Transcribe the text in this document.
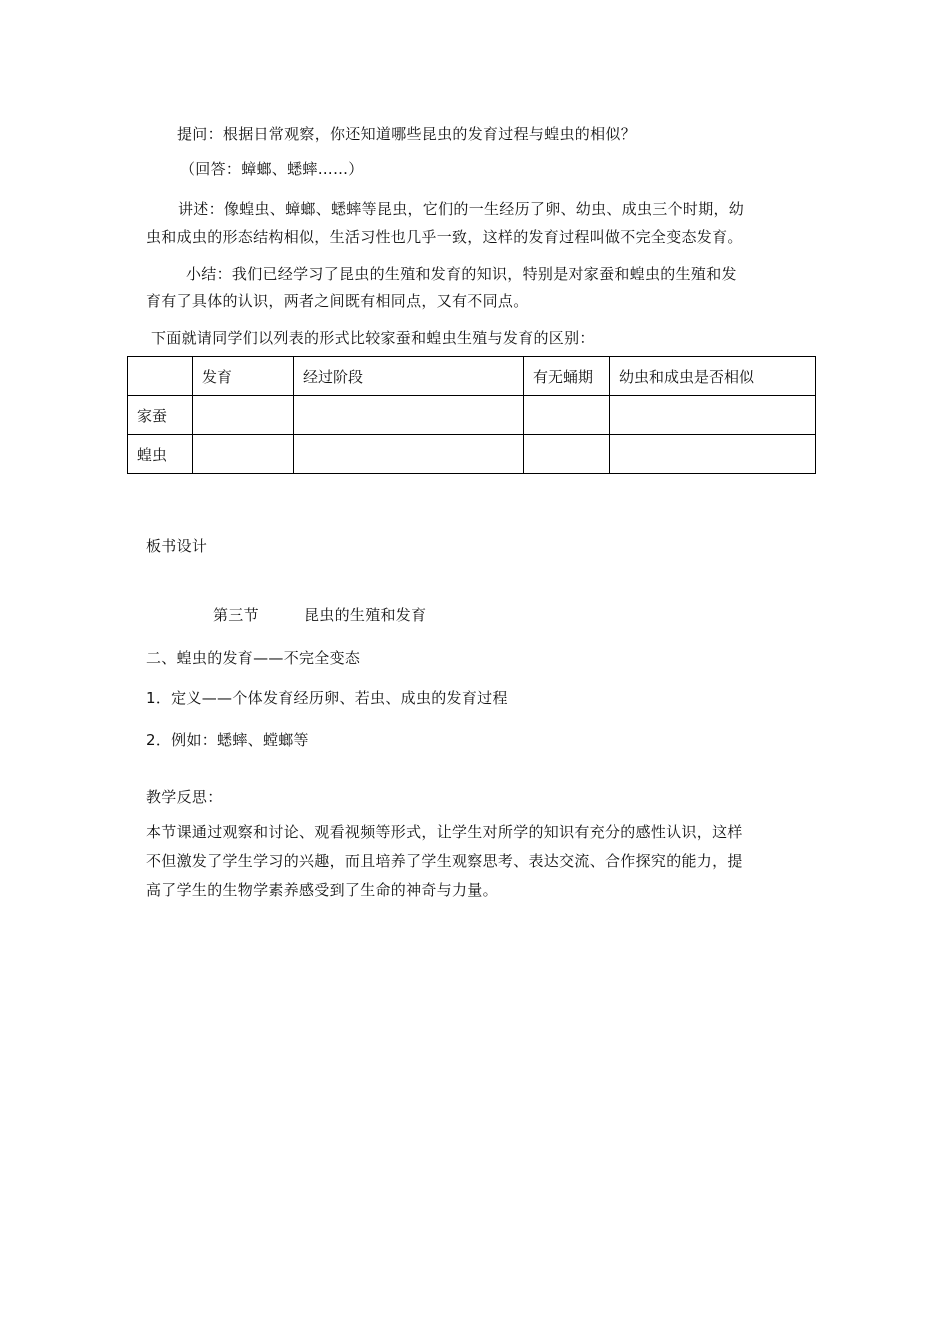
提问：根据日常观察，你还知道哪些昆虫的发育过程与蝗虫的相似？
（回答：蟑螂、蟋蟀……）
讲述：像蝗虫、蟑螂、蟋蟀等昆虫，它们的一生经历了卵、幼虫、成虫三个时期，幼
虫和成虫的形态结构相似，生活习性也几乎一致，这样的发育过程叫做不完全变态发育。
小结：我们已经学习了昆虫的生殖和发育的知识，特别是对家蚕和蝗虫的生殖和发
育有了具体的认识，两者之间既有相同点，又有不同点。
下面就请同学们以列表的形式比较家蚕和蝗虫生殖与发育的区别：
	发育	经过阶段	有无蛹期	幼虫和成虫是否相似
家蚕				
蝗虫				
板书设计
第三节	昆虫的生殖和发育
二、蝗虫的发育——不完全变态
1．定义——个体发育经历卵、若虫、成虫的发育过程
2．例如：蟋蟀、螳螂等
教学反思：
本节课通过观察和讨论、观看视频等形式，让学生对所学的知识有充分的感性认识，这样
不但激发了学生学习的兴趣，而且培养了学生观察思考、表达交流、合作探究的能力，提
高了学生的生物学素养感受到了生命的神奇与力量。
